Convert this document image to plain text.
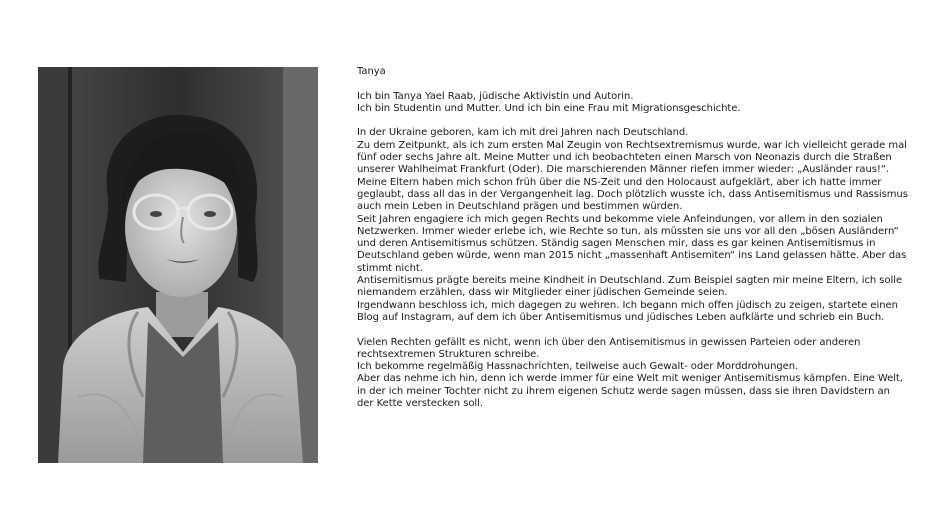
Tanya

Ich bin Tanya Yael Raab, jüdische Aktivistin und Autorin.

Ich bin Studentin und Mutter. Und ich bin eine Frau mit Migrationsgeschichte.

In der Ukraine geboren, kam ich mit drei Jahren nach Deutschland.

Zu dem Zeitpunkt, als ich zum ersten Mal Zeugin von Rechtsextremismus wurde, war ich vielleicht gerade mal fünf oder sechs Jahre alt. Meine Mutter und ich beobachteten einen Marsch von Neonazis durch die Straßen unserer Wahlheimat Frankfurt (Oder). Die marschierenden Männer riefen immer wieder: „Ausländer raus!“.

Meine Eltern haben mich schon früh über die NS-Zeit und den Holocaust aufgeklärt, aber ich hatte immer geglaubt, dass all das in der Vergangenheit lag. Doch plötzlich wusste ich, dass Antisemitismus und Rassismus auch mein Leben in Deutschland prägen und bestimmen würden.

Seit Jahren engagiere ich mich gegen Rechts und bekomme viele Anfeindungen, vor allem in den sozialen Netzwerken. Immer wieder erlebe ich, wie Rechte so tun, als müssten sie uns vor all den „bösen Ausländern“ und deren Antisemitismus schützen. Ständig sagen Menschen mir, dass es gar keinen Antisemitismus in Deutschland geben würde, wenn man 2015 nicht „massenhaft Antisemiten“ ins Land gelassen hätte. Aber das stimmt nicht.

Antisemitismus prägte bereits meine Kindheit in Deutschland. Zum Beispiel sagten mir meine Eltern, ich solle niemandem erzählen, dass wir Mitglieder einer jüdischen Gemeinde seien.

Irgendwann beschloss ich, mich dagegen zu wehren. Ich begann mich offen jüdisch zu zeigen, startete einen Blog auf Instagram, auf dem ich über Antisemitismus und jüdisches Leben aufklärte und schrieb ein Buch.

Vielen Rechten gefällt es nicht, wenn ich über den Antisemitismus in gewissen Parteien oder anderen rechtsextremen Strukturen schreibe.

Ich bekomme regelmäßig Hassnachrichten, teilweise auch Gewalt- oder Morddrohungen.

Aber das nehme ich hin, denn ich werde immer für eine Welt mit weniger Antisemitismus kämpfen. Eine Welt, in der ich meiner Tochter nicht zu ihrem eigenen Schutz werde sagen müssen, dass sie ihren Davidstern an der Kette verstecken soll.
